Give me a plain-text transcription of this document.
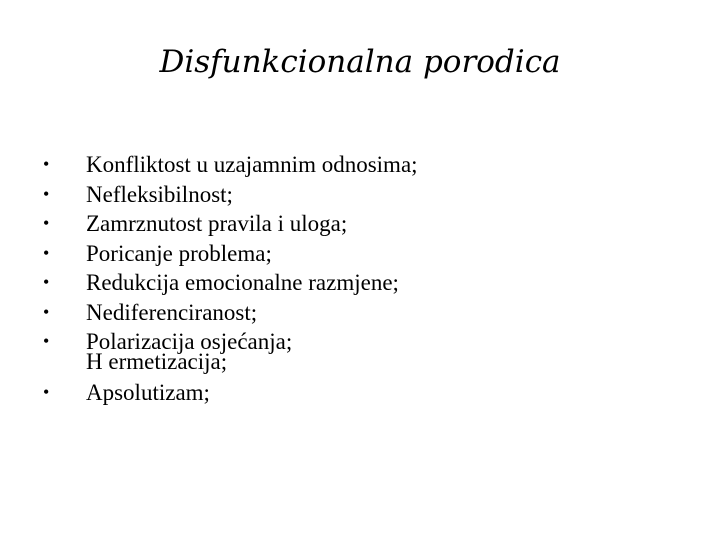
Disfunkcionalna porodica
• Konfliktost u uzajamnim odnosima;
• Nefleksibilnost;
• Zamrznutost pravila i uloga;
• Poricanje problema;
• Redukcija emocionalne razmjene;
• Nediferenciranost;
• Polarizacija osjećanja;
H ermetizacija;
• Apsolutizam;
